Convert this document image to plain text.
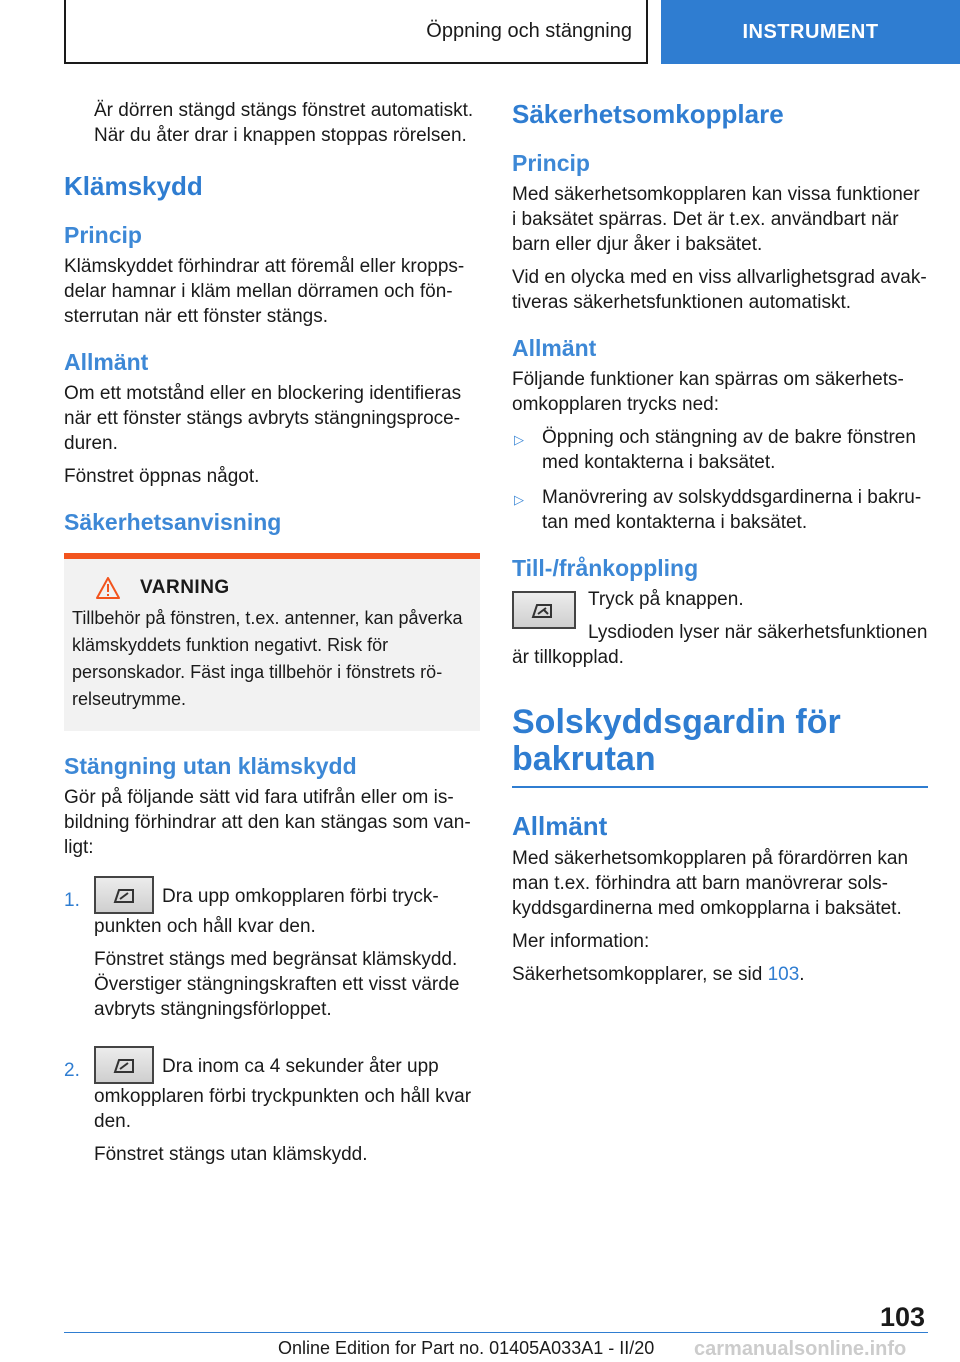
Öppning och stängning	INSTRUMENT

Är dörren stängd stängs fönstret automatiskt. När du åter drar i knappen stoppas rörelsen.

Klämskydd
Princip

Klämskyddet förhindrar att föremål eller kroppsdelar hamnar i kläm mellan dörramen och fönsterrutan när ett fönster stängs.

Allmänt

Om ett motstånd eller en blockering identifieras när ett fönster stängs avbryts stängningsproceduren.

Fönstret öppnas något.

Säkerhetsanvisning
VARNING

Tillbehör på fönstren, t.ex. antenner, kan påverka klämskyddets funktion negativt. Risk för personskador. Fäst inga tillbehör i fönstrets rörelseutrymme.

Stängning utan klämskydd

Gör på följande sätt vid fara utifrån eller om isbildning förhindrar att den kan stängas som vanligt:

1.	Dra upp omkopplaren förbi tryckpunkten och håll kvar den.

Fönstret stängs med begränsat klämskydd. Överstiger stängningskraften ett visst värde avbryts stängningsförloppet.

2.	Dra inom ca 4 sekunder åter upp omkopplaren förbi tryckpunkten och håll kvar den.

Fönstret stängs utan klämskydd.

Säkerhetsomkopplare
Princip

Med säkerhetsomkopplaren kan vissa funktioner i baksätet spärras. Det är t.ex. användbart när barn eller djur åker i baksätet.

Vid en olycka med en viss allvarlighetsgrad avaktiveras säkerhetsfunktionen automatiskt.

Allmänt

Följande funktioner kan spärras om säkerhetsomkopplaren trycks ned:

▷ Öppning och stängning av de bakre fönstren med kontakterna i baksätet.
▷ Manövrering av solskyddsgardinerna i bakrutan med kontakterna i baksätet.
Till-/frånkoppling

Tryck på knappen.

Lysdioden lyser när säkerhetsfunktionen är tillkopplad.

Solskyddsgardin för bakrutan
Allmänt

Med säkerhetsomkopplaren på förardörren kan man t.ex. förhindra att barn manövrerar solskyddsgardinerna med omkopplarna i baksätet.

Mer information:

Säkerhetsomkopplarer, se sid 103.

103
Online Edition for Part no. 01405A033A1 - II/20	carmanualsonline.info
